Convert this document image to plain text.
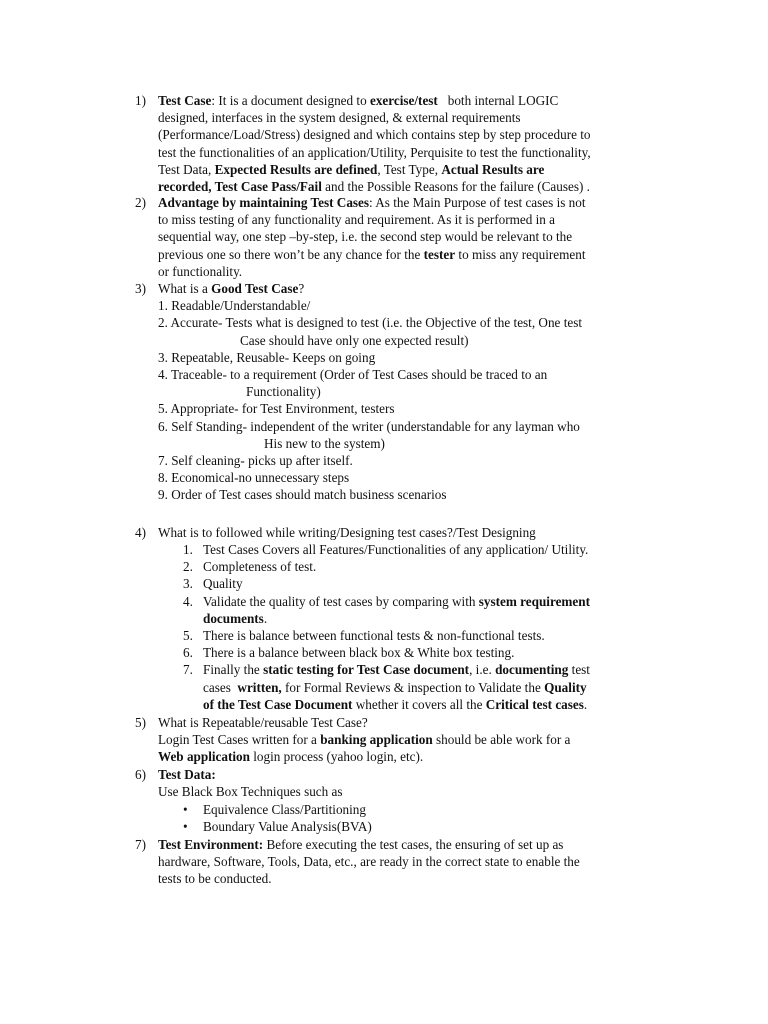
1) Test Case: It is a document designed to exercise/test   both internal LOGIC
designed, interfaces in the system designed, & external requirements
(Performance/Load/Stress) designed and which contains step by step procedure to
test the functionalities of an application/Utility, Perquisite to test the functionality,
Test Data, Expected Results are defined, Test Type, Actual Results are
recorded, Test Case Pass/Fail and the Possible Reasons for the failure (Causes) .
2) Advantage by maintaining Test Cases: As the Main Purpose of test cases is not
to miss testing of any functionality and requirement. As it is performed in a
sequential way, one step –by-step, i.e. the second step would be relevant to the
previous one so there won’t be any chance for the tester to miss any requirement
or functionality.
3) What is a Good Test Case?
1. Readable/Understandable/
2. Accurate- Tests what is designed to test (i.e. the Objective of the test, One test
Case should have only one expected result)
3. Repeatable, Reusable- Keeps on going
4. Traceable- to a requirement (Order of Test Cases should be traced to an
Functionality)
5. Appropriate- for Test Environment, testers
6. Self Standing- independent of the writer (understandable for any layman who
His new to the system)
7. Self cleaning- picks up after itself.
8. Economical-no unnecessary steps
9. Order of Test cases should match business scenarios
4) What is to followed while writing/Designing test cases?/Test Designing
5) What is Repeatable/reusable Test Case?
Login Test Cases written for a banking application should be able work for a
Web application login process (yahoo login, etc).
6) Test Data:
Use Black Box Techniques such as
7) Test Environment: Before executing the test cases, the ensuring of set up as
hardware, Software, Tools, Data, etc., are ready in the correct state to enable the
tests to be conducted.
1. Test Cases Covers all Features/Functionalities of any application/ Utility.
2. Completeness of test.
3. Quality
4. Validate the quality of test cases by comparing with system requirement
documents.
5. There is balance between functional tests & non-functional tests.
6. There is a balance between black box & White box testing.
7. Finally the static testing for Test Case document, i.e. documenting test
cases  written, for Formal Reviews & inspection to Validate the Quality
of the Test Case Document whether it covers all the Critical test cases.
• Equivalence Class/Partitioning
• Boundary Value Analysis(BVA)
